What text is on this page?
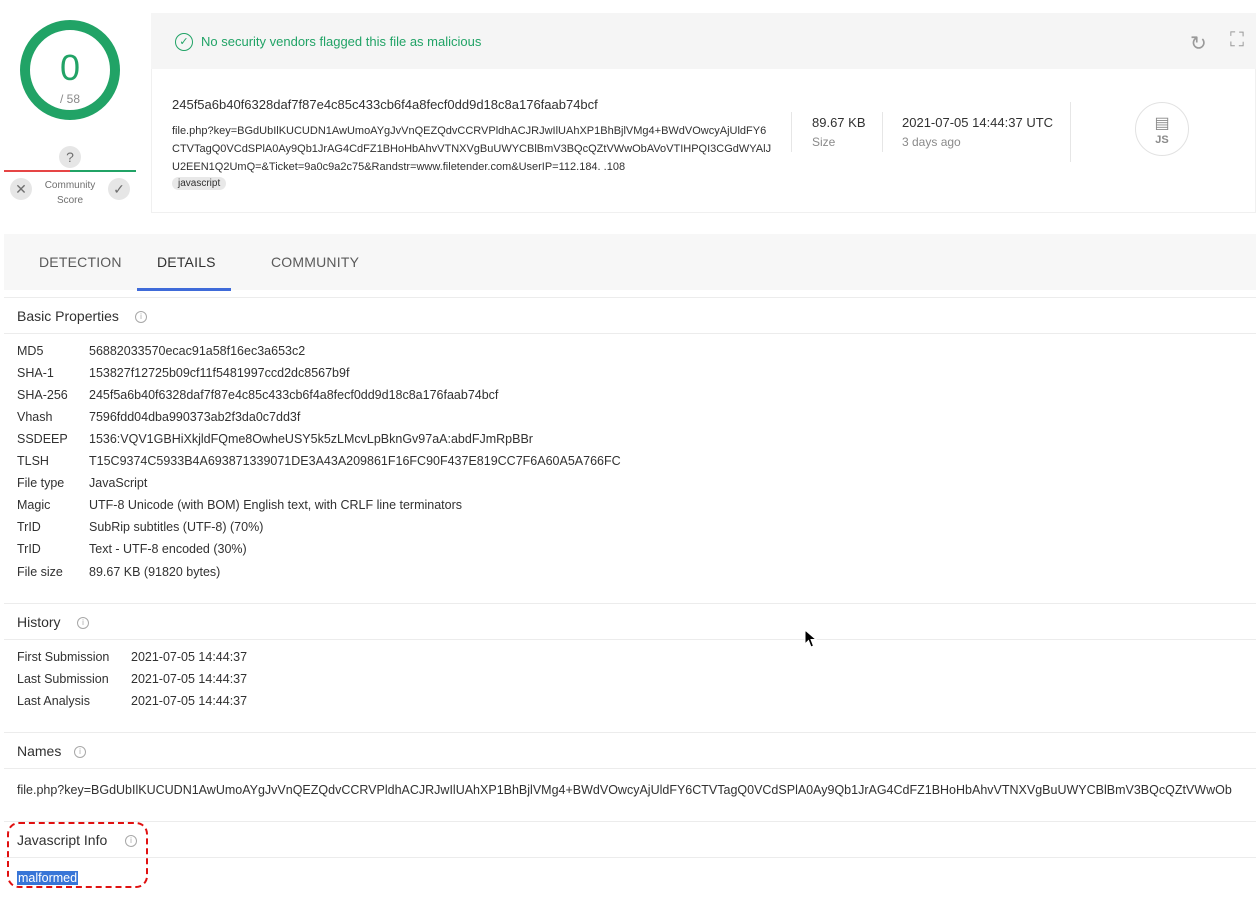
0
/ 58
?
✕	Community
Score
✓
✓ No security vendors flagged this file as malicious	↻ ⛶
245f5a6b40f6328daf7f87e4c85c433cb6f4a8fecf0dd9d18c8a176faab74bcf
file.php?key=BGdUbIlKUCUDN1AwUmoAYgJvVnQEZQdvCCRVPldhACJRJwIlUAhXP1BhBjlVMg4+BWdVOwcyAjUldFY6CTVTagQ0VCdSPlA0Ay9Qb1JrAG4CdFZ1BHoHbAhvVTNXVgBuUWYCBlBmV3BQcQZtVWwObAVoVTIHPQI3CGdWYAlJU2EEN1Q2UmQ=&Ticket=9a0c9a2c75&Randstr=www.filetender.com&UserIP=112.184. .108
javascript
89.67 KB
Size
2021-07-05 14:44:37 UTC
3 days ago
▤
JS
DETECTION	DETAILS	COMMUNITY
Basic Properties	i
MD5	56882033570ecac91a58f16ec3a653c2
SHA-1	153827f12725b09cf11f5481997ccd2dc8567b9f
SHA-256 245f5a6b40f6328daf7f87e4c85c433cb6f4a8fecf0dd9d18c8a176faab74bcf
Vhash	7596fdd04dba990373ab2f3da0c7dd3f
SSDEEP 1536:VQV1GBHiXkjldFQme8OwheUSY5k5zLMcvLpBknGv97aA:abdFJmRpBBr
TLSH	T15C9374C5933B4A693871339071DE3A43A209861F16FC90F437E819CC7F6A60A5A766FC
File type JavaScript
Magic	UTF-8 Unicode (with BOM) English text, with CRLF line terminators
TrID	SubRip subtitles (UTF-8) (70%)
TrID	Text - UTF-8 encoded (30%)
File size 89.67 KB (91820 bytes)
History	i
First Submission 2021-07-05 14:44:37
Last Submission 2021-07-05 14:44:37
Last Analysis	2021-07-05 14:44:37
Names	i
file.php?key=BGdUbIlKUCUDN1AwUmoAYgJvVnQEZQdvCCRVPldhACJRJwIlUAhXP1BhBjlVMg4+BWdVOwcyAjUldFY6CTVTagQ0VCdSPlA0Ay9Qb1JrAG4CdFZ1BHoHbAhvVTNXVgBuUWYCBlBmV3BQcQZtVWwOb
Javascript Info	i
malformed
